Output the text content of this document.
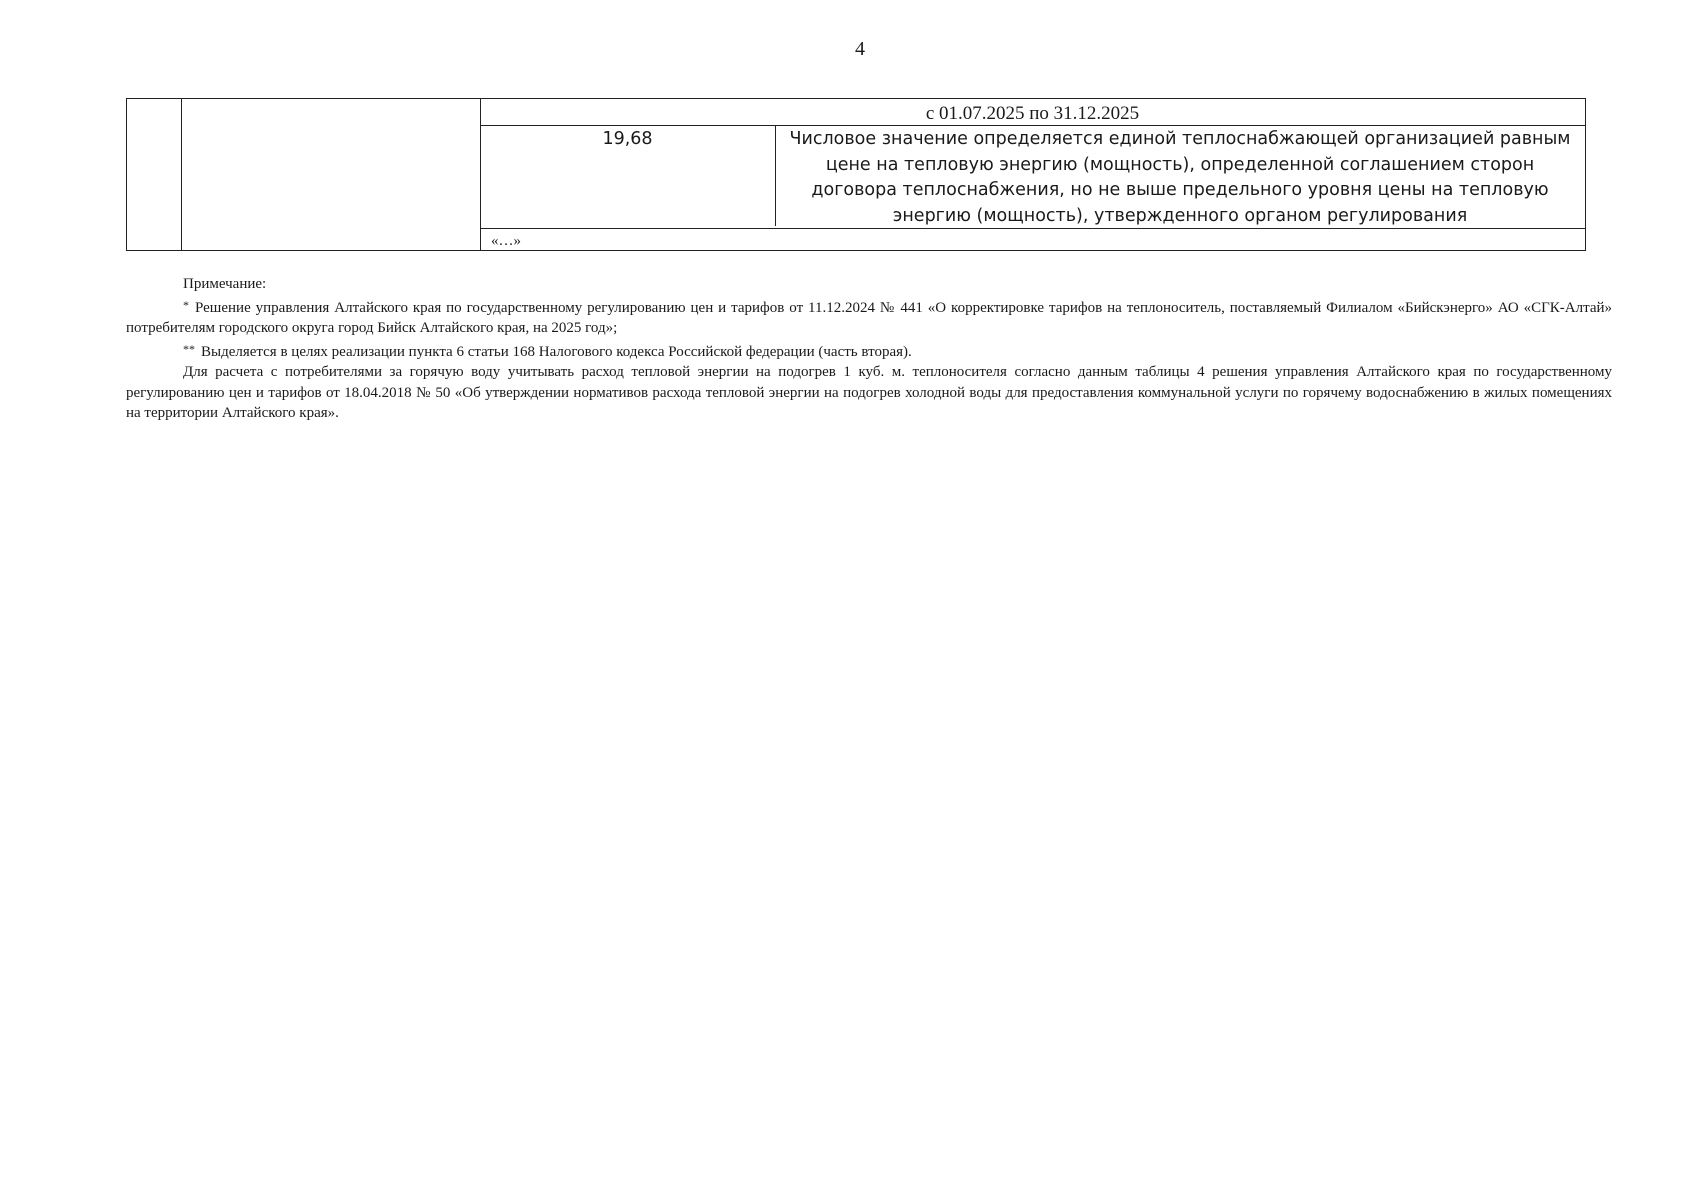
4
с 01.07.2025 по 31.12.2025
19,68	Числовое значение определяется единой теплоснабжающей организацией равным цене на тепловую энергию (мощность), определенной соглашением сторон договора теплоснабжения, но не выше предельного уровня цены на тепловую энергию (мощность), утвержденного органом регулирования
«…»

Примечание:

* Решение управления Алтайского края по государственному регулированию цен и тарифов от 11.12.2024 № 441 «О корректировке тарифов на теплоноситель, поставляемый Филиалом «Бийскэнерго» АО «СГК-Алтай» потребителям городского округа город Бийск Алтайского края, на 2025 год»;

** Выделяется в целях реализации пункта 6 статьи 168 Налогового кодекса Российской федерации (часть вторая).

Для расчета с потребителями за горячую воду учитывать расход тепловой энергии на подогрев 1 куб. м. теплоносителя согласно данным таблицы 4 решения управления Алтайского края по государственному регулированию цен и тарифов от 18.04.2018 № 50 «Об утверждении нормативов расхода тепловой энергии на подогрев холодной воды для предоставления коммунальной услуги по горячему водоснабжению в жилых помещениях на территории Алтайского края».
